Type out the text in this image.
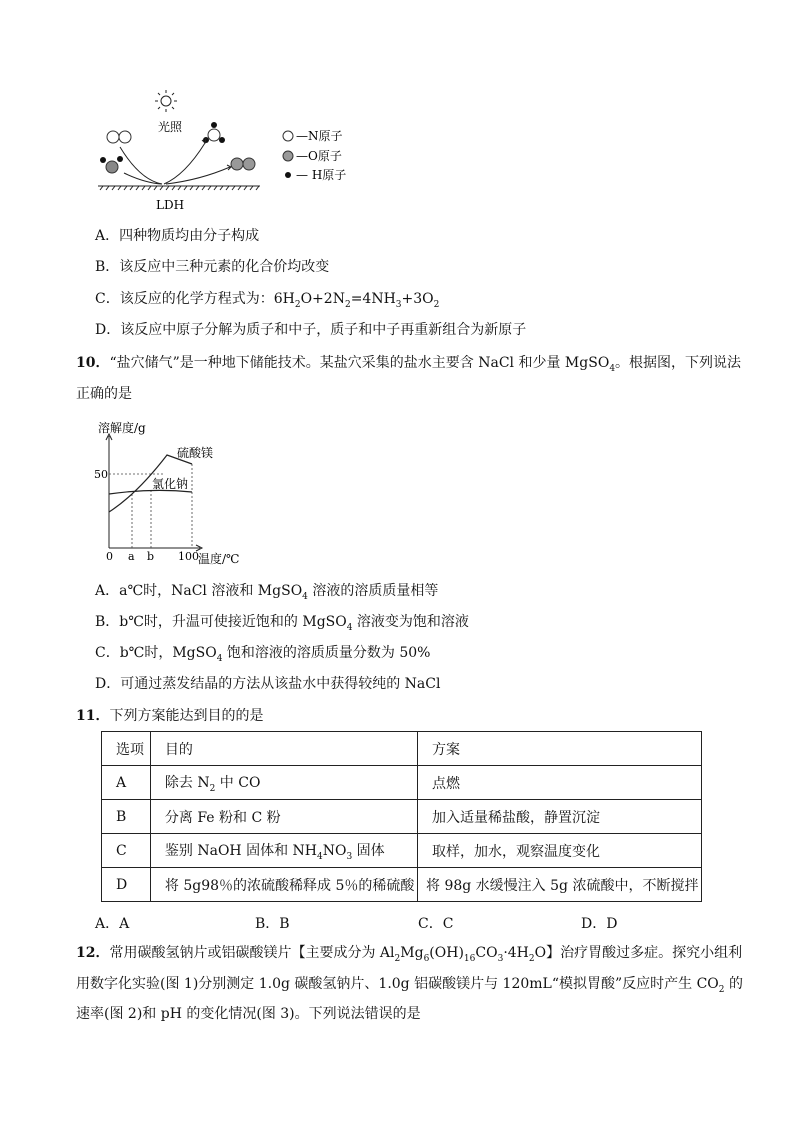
光照
LDH
—N原子
—O原子
— H原子
A．四种物质均由分子构成
B．该反应中三种元素的化合价均改变
C．该反应的化学方程式为：$6H_2O+2N_2=4NH_3+3O_2$
D．该反应中原子分解为质子和中子，质子和中子再重新组合为新原子
10．“盐穴储气”是一种地下储能技术。某盐穴采集的盐水主要含 NaCl 和少量 MgSO$_4$。根据图，下列说法
正确的是
溶解度/g
硫酸镁
氯化钠
50
0 a b 100 温度/℃
A．a℃时，NaCl 溶液和 MgSO$_4$ 溶液的溶质质量相等
B．b℃时，升温可使接近饱和的 MgSO$_4$ 溶液变为饱和溶液
C．b℃时，MgSO$_4$ 饱和溶液的溶质质量分数为 50%
D．可通过蒸发结晶的方法从该盐水中获得较纯的 NaCl
11．下列方案能达到目的的是
选项	目的	方案
A	除去 $N_2$ 中 CO	点燃
B	分离 Fe 粉和 C 粉	加入适量稀盐酸，静置沉淀
C	鉴别 NaOH 固体和 $NH_4NO_3$ 固体	取样，加水，观察温度变化
D	将 5g98％的浓硫酸稀释成 5％的稀硫酸	将 98g 水缓慢注入 5g 浓硫酸中，不断搅拌
A．A	B．B	C．C	D．D
12．常用碳酸氢钠片或铝碳酸镁片【主要成分为 $Al_2Mg_6(OH)_{16}CO_3\cdot 4H_2O$】治疗胃酸过多症。探究小组利
用数字化实验(图 1)分别测定 1.0g 碳酸氢钠片、1.0g 铝碳酸镁片与 120mL“模拟胃酸”反应时产生 $CO_2$ 的
速率(图 2)和 pH 的变化情况(图 3)。下列说法错误的是
